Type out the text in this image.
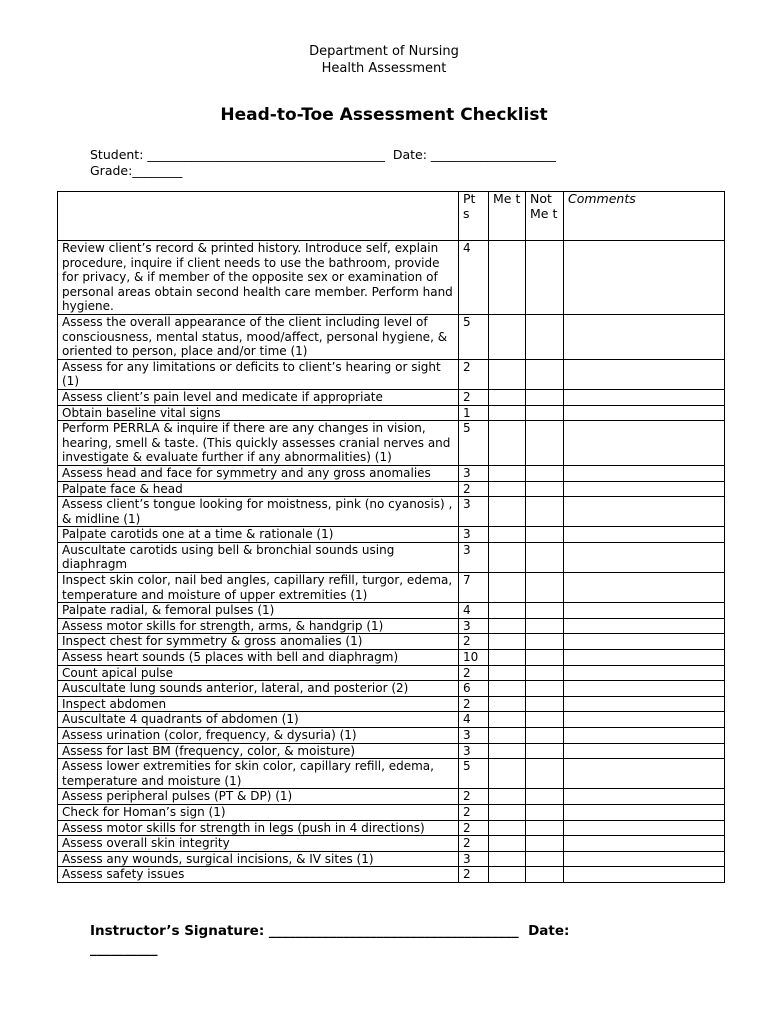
Department of Nursing
Health Assessment
Head-to-Toe Assessment Checklist
Student: ______________________________________  Date: ____________________
Grade:________
	Pt s	Me t	Not Me t	Comments
Review client’s record & printed history. Introduce self, explain procedure, inquire if client needs to use the bathroom, provide for privacy, & if member of the opposite sex or examination of personal areas obtain second health care member. Perform hand hygiene.	4			
Assess the overall appearance of the client including level of consciousness, mental status, mood/affect, personal hygiene, & oriented to person, place and/or time (1)	5			
Assess for any limitations or deficits to client’s hearing or sight (1)	2			
Assess client’s pain level and medicate if appropriate	2			
Obtain baseline vital signs	1			
Perform PERRLA & inquire if there are any changes in vision, hearing, smell & taste. (This quickly assesses cranial nerves and investigate & evaluate further if any abnormalities) (1)	5			
Assess head and face for symmetry and any gross anomalies	3			
Palpate face & head	2			
Assess client’s tongue looking for moistness, pink (no cyanosis) , & midline (1)	3			
Palpate carotids one at a time & rationale (1)	3			
Auscultate carotids using bell & bronchial sounds using diaphragm	3			
Inspect skin color, nail bed angles, capillary refill, turgor, edema, temperature and moisture of upper extremities (1)	7			
Palpate radial, & femoral pulses (1)	4			
Assess motor skills for strength, arms, & handgrip (1)	3			
Inspect chest for symmetry & gross anomalies (1)	2			
Assess heart sounds (5 places with bell and diaphragm)	10			
Count apical pulse	2			
Auscultate lung sounds anterior, lateral, and posterior (2)	6			
Inspect abdomen	2			
Auscultate 4 quadrants of abdomen (1)	4			
Assess urination (color, frequency, & dysuria) (1)	3			
Assess for last BM (frequency, color, & moisture)	3			
Assess lower extremities for skin color, capillary refill, edema, temperature and moisture (1)	5			
Assess peripheral pulses (PT & DP) (1)	2			
Check for Homan’s sign (1)	2			
Assess motor skills for strength in legs (push in 4 directions)	2			
Assess overall skin integrity	2			
Assess any wounds, surgical incisions, & IV sites (1)	3			
Assess safety issues	2			
Instructor’s Signature: _____________________________________  Date:
__________
